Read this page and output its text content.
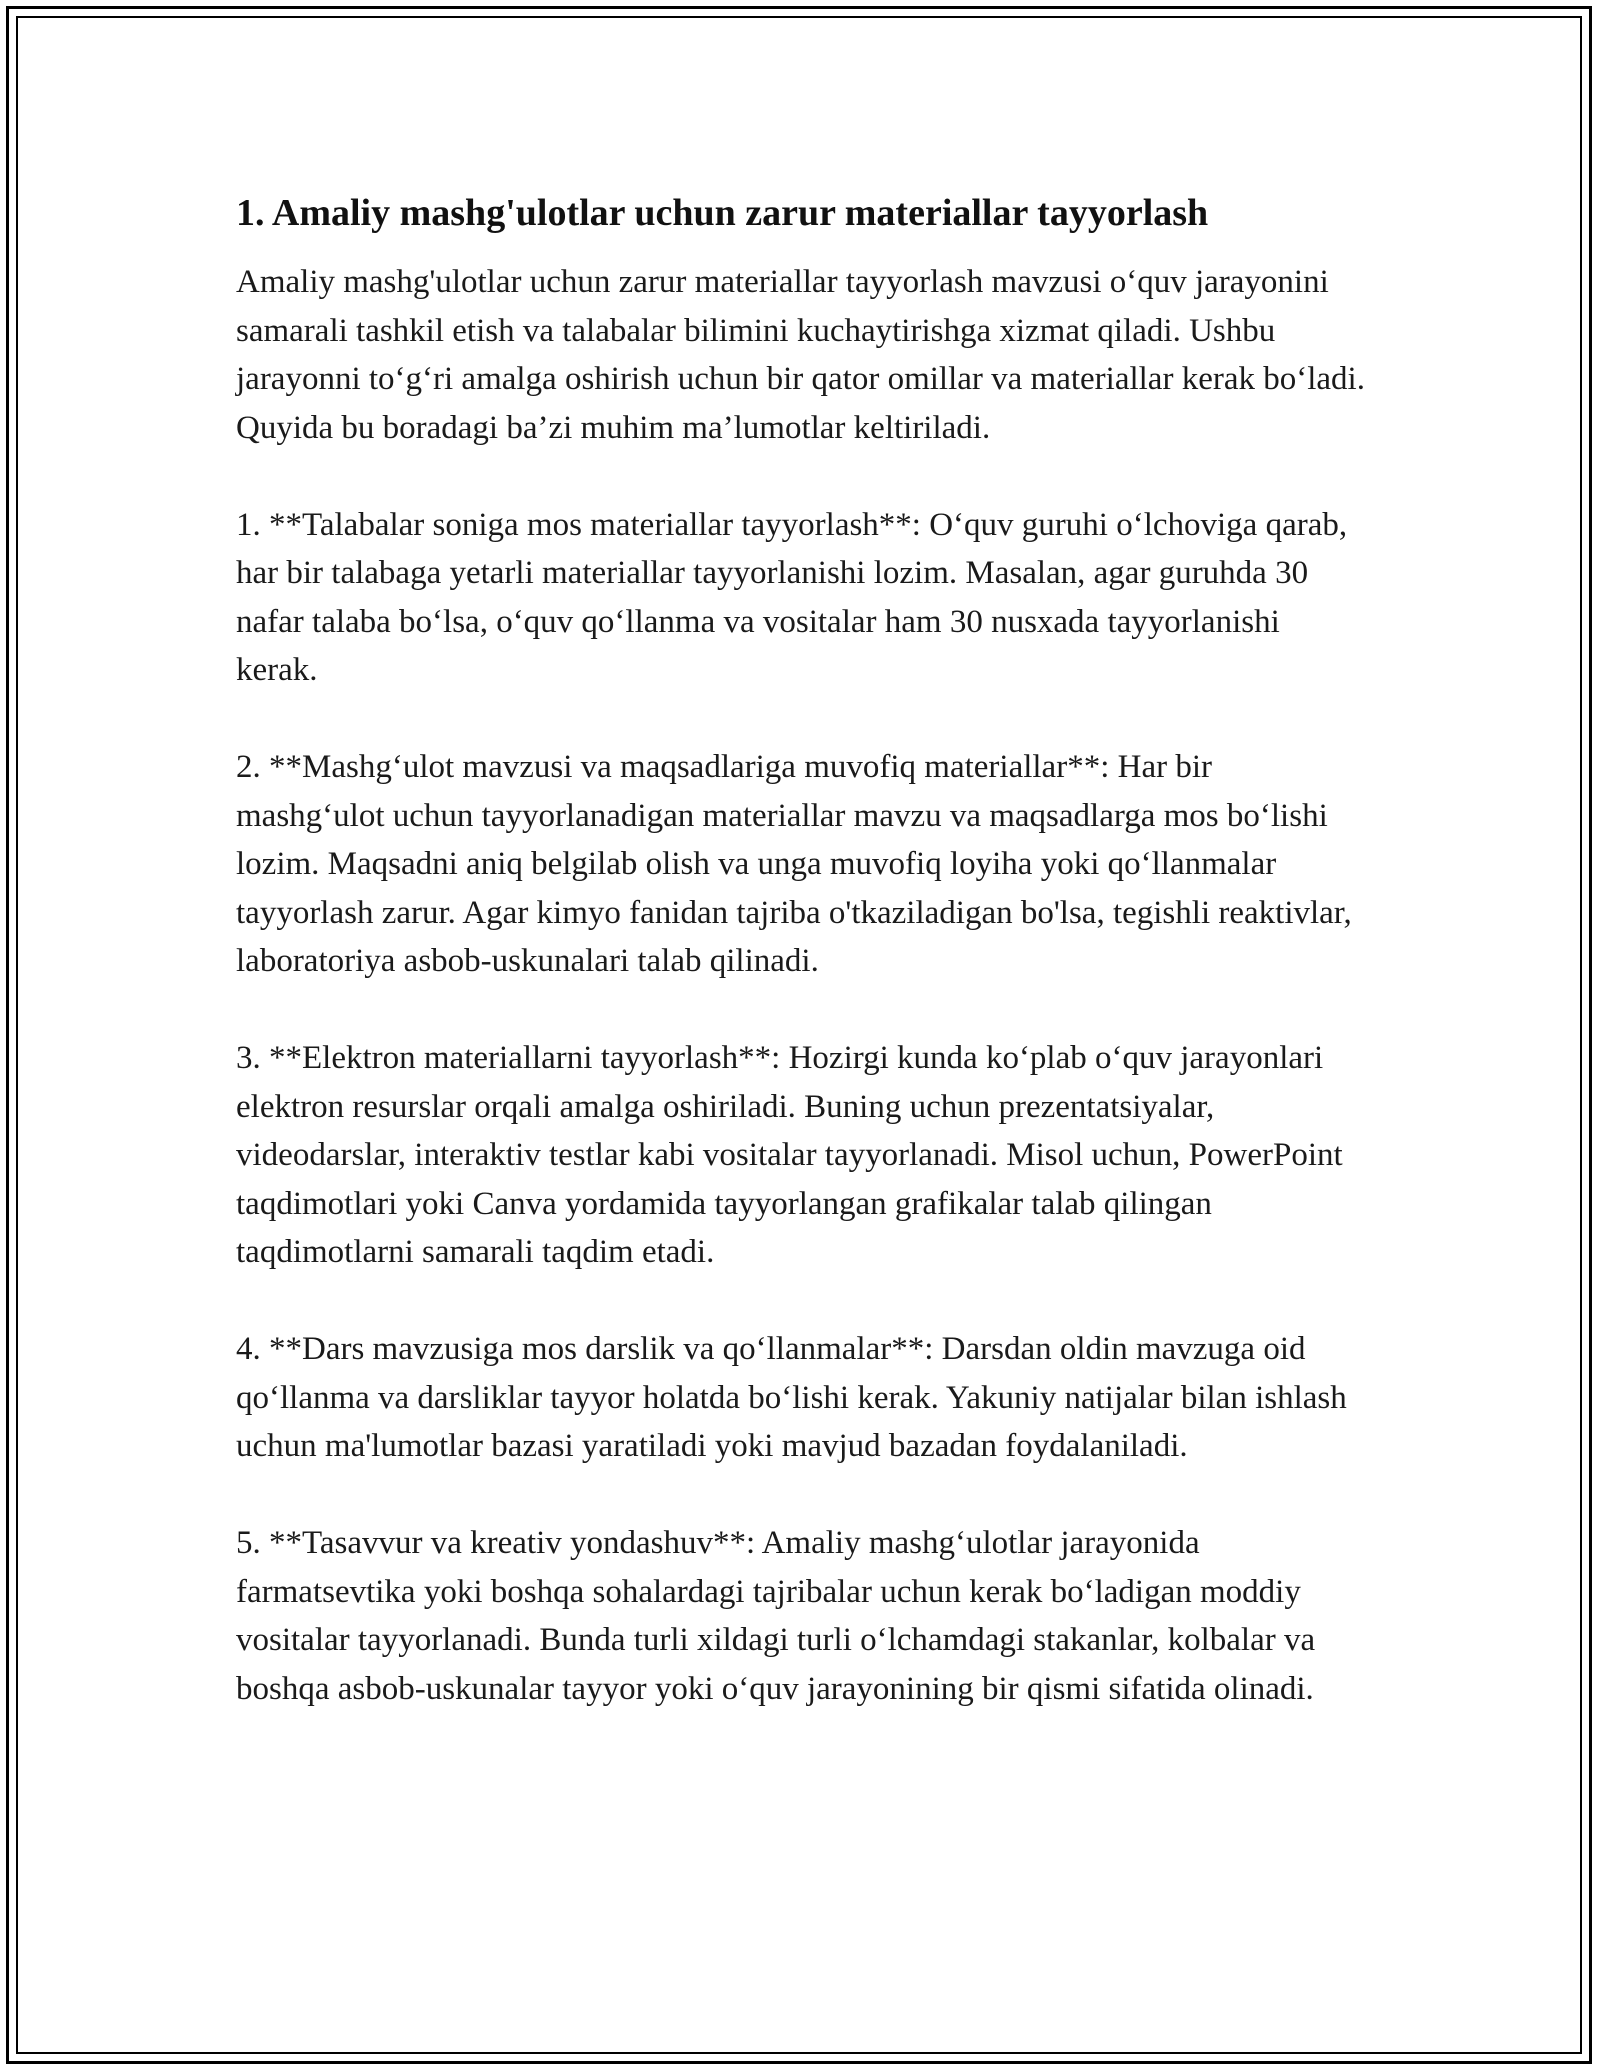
1. Amaliy mashg'ulotlar uchun zarur materiallar tayyorlash

Amaliy mashg'ulotlar uchun zarur materiallar tayyorlash mavzusi o‘quv jarayonini samarali tashkil etish va talabalar bilimini kuchaytirishga xizmat qiladi. Ushbu jarayonni to‘g‘ri amalga oshirish uchun bir qator omillar va materiallar kerak bo‘ladi. Quyida bu boradagi ba’zi muhim ma’lumotlar keltiriladi.

1. **Talabalar soniga mos materiallar tayyorlash**: O‘quv guruhi o‘lchoviga qarab, har bir talabaga yetarli materiallar tayyorlanishi lozim. Masalan, agar guruhda 30 nafar talaba bo‘lsa, o‘quv qo‘llanma va vositalar ham 30 nusxada tayyorlanishi kerak.

2. **Mashg‘ulot mavzusi va maqsadlariga muvofiq materiallar**: Har bir mashg‘ulot uchun tayyorlanadigan materiallar mavzu va maqsadlarga mos bo‘lishi lozim. Maqsadni aniq belgilab olish va unga muvofiq loyiha yoki qo‘llanmalar tayyorlash zarur. Agar kimyo fanidan tajriba o'tkaziladigan bo'lsa, tegishli reaktivlar, laboratoriya asbob-uskunalari talab qilinadi.

3. **Elektron materiallarni tayyorlash**: Hozirgi kunda ko‘plab o‘quv jarayonlari elektron resurslar orqali amalga oshiriladi. Buning uchun prezentatsiyalar, videodarslar, interaktiv testlar kabi vositalar tayyorlanadi. Misol uchun, PowerPoint taqdimotlari yoki Canva yordamida tayyorlangan grafikalar talab qilingan taqdimotlarni samarali taqdim etadi.

4. **Dars mavzusiga mos darslik va qo‘llanmalar**: Darsdan oldin mavzuga oid qo‘llanma va darsliklar tayyor holatda bo‘lishi kerak. Yakuniy natijalar bilan ishlash uchun ma'lumotlar bazasi yaratiladi yoki mavjud bazadan foydalaniladi.

5. **Tasavvur va kreativ yondashuv**: Amaliy mashg‘ulotlar jarayonida farmatsevtika yoki boshqa sohalardagi tajribalar uchun kerak bo‘ladigan moddiy vositalar tayyorlanadi. Bunda turli xildagi turli o‘lchamdagi stakanlar, kolbalar va boshqa asbob-uskunalar tayyor yoki o‘quv jarayonining bir qismi sifatida olinadi.
